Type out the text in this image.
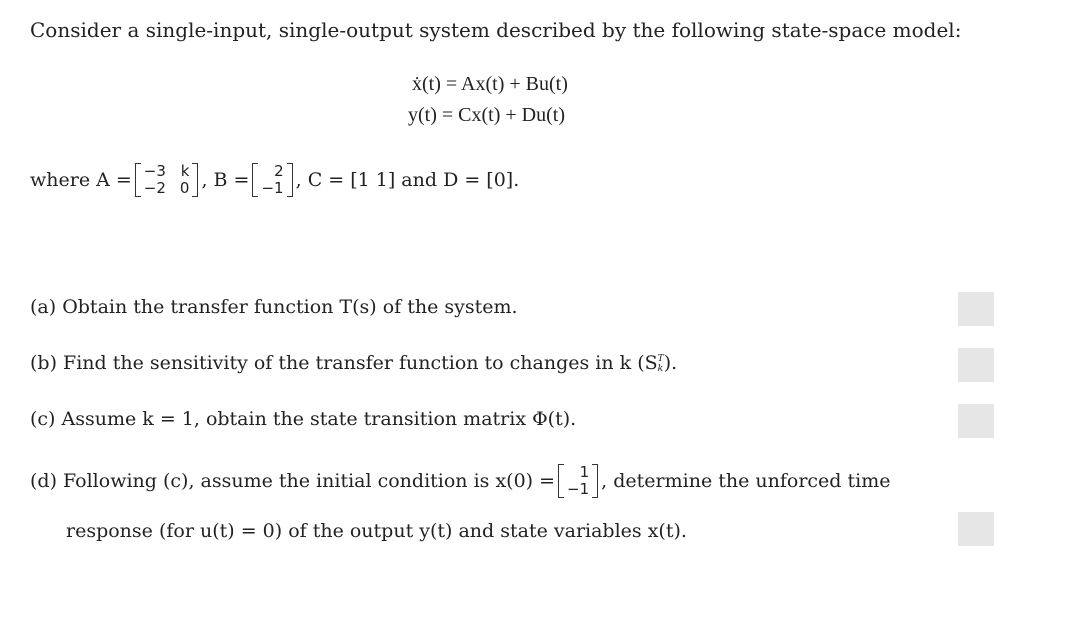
Consider a single-input, single-output system described by the following state-space model:
ẋ(t) = Ax(t) + Bu(t)
y(t) = Cx(t) + Du(t)
where A = −3 k
−2 0 , B =	2
−1 , C = [1 1] and D = [0].
(a) Obtain the transfer function T(s) of the system.
(b) Find the sensitivity of the transfer function to changes in k (S T
k ).
(c) Assume k = 1, obtain the state transition matrix Φ(t).
(d) Following (c), assume the initial condition is x(0) =	1
−1 , determine the unforced time
response (for u(t) = 0) of the output y(t) and state variables x(t).
